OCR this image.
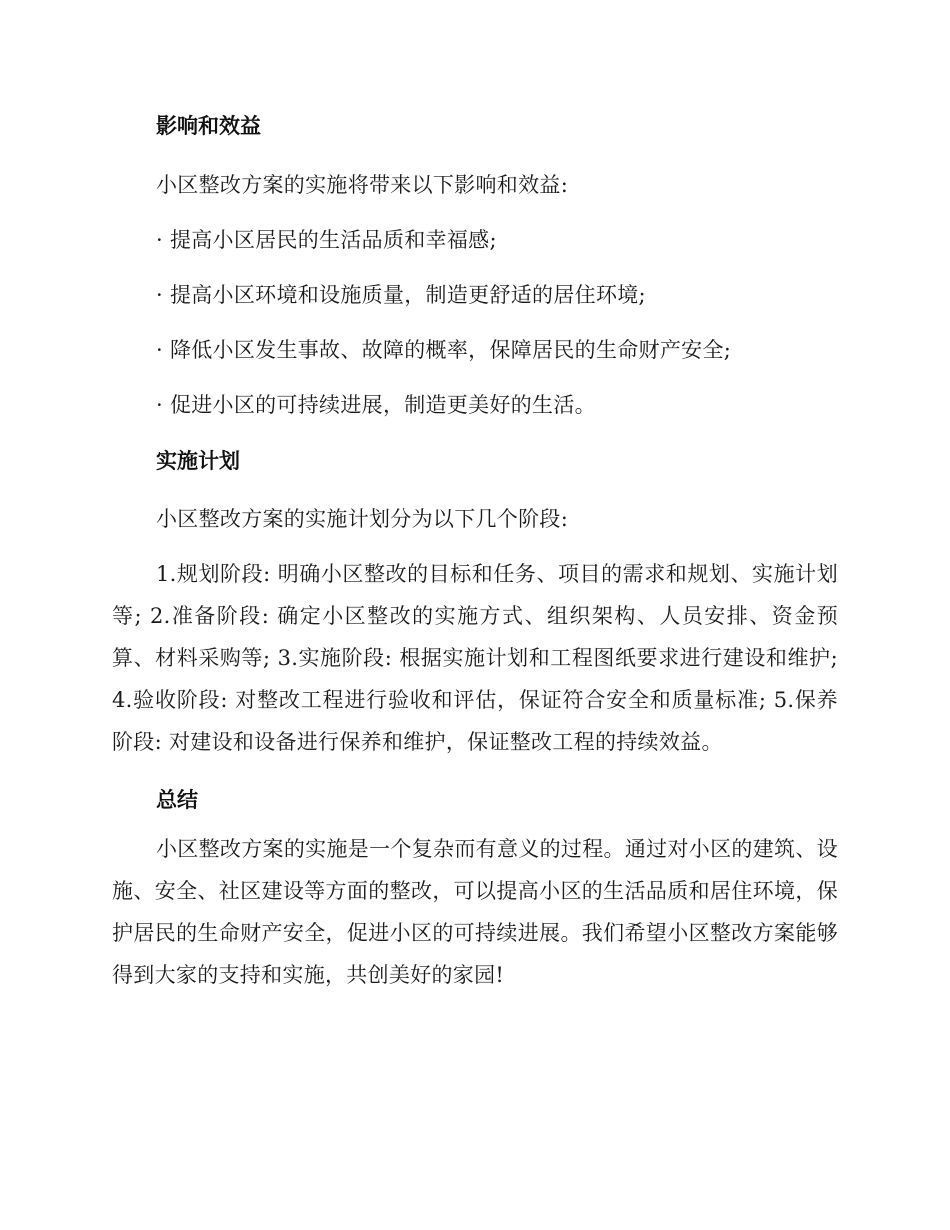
影响和效益

小区整改方案的实施将带来以下影响和效益:

· 提高小区居民的生活品质和幸福感;

· 提高小区环境和设施质量，制造更舒适的居住环境;

· 降低小区发生事故、故障的概率，保障居民的生命财产安全;

· 促进小区的可持续进展，制造更美好的生活。

实施计划

小区整改方案的实施计划分为以下几个阶段:

1.规划阶段: 明确小区整改的目标和任务、项目的需求和规划、实施计划等; 2.准备阶段: 确定小区整改的实施方式、组织架构、人员安排、资金预算、材料采购等; 3.实施阶段: 根据实施计划和工程图纸要求进行建设和维护; 4.验收阶段: 对整改工程进行验收和评估，保证符合安全和质量标准; 5.保养阶段: 对建设和设备进行保养和维护，保证整改工程的持续效益。

总结

小区整改方案的实施是一个复杂而有意义的过程。通过对小区的建筑、设施、安全、社区建设等方面的整改，可以提高小区的生活品质和居住环境，保护居民的生命财产安全，促进小区的可持续进展。我们希望小区整改方案能够得到大家的支持和实施，共创美好的家园!
